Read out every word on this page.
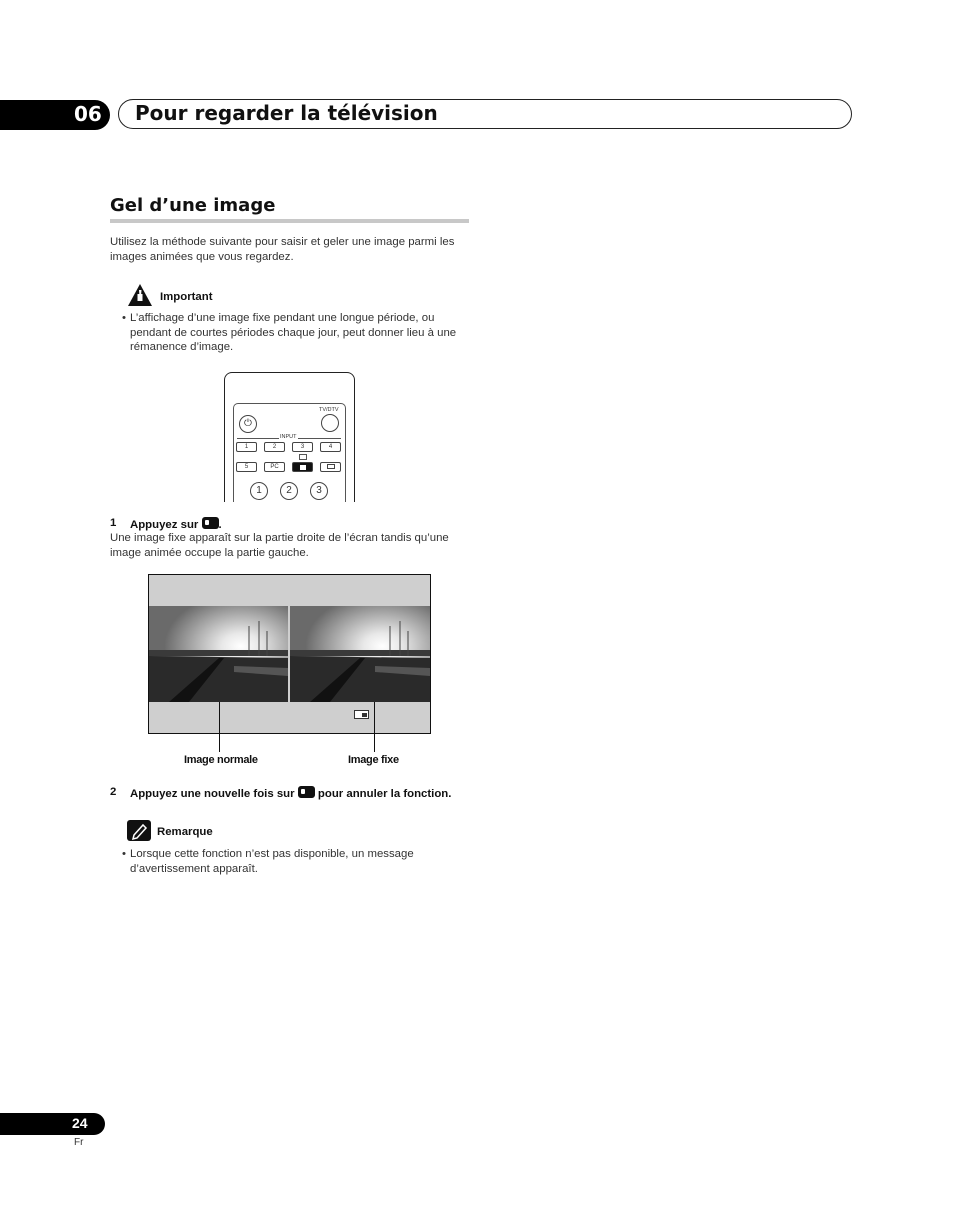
06 Pour regarder la télévision
Gel d’une image
Utilisez la méthode suivante pour saisir et geler une image parmi les images animées que vous regardez.
Important
• L’affichage d’une image fixe pendant une longue période, ou pendant de courtes périodes chaque jour, peut donner lieu à une rémanence d’image.
⏻
TV/DTV
INPUT
1	2	3	4
5	PC
1	2	3
1 Appuyez sur .
Une image fixe apparaît sur la partie droite de l’écran tandis qu’une image animée occupe la partie gauche.
Image normale	Image fixe
2 Appuyez une nouvelle fois sur pour annuler la fonction.
Remarque
• Lorsque cette fonction n’est pas disponible, un message d’avertissement apparaît.
24
Fr
